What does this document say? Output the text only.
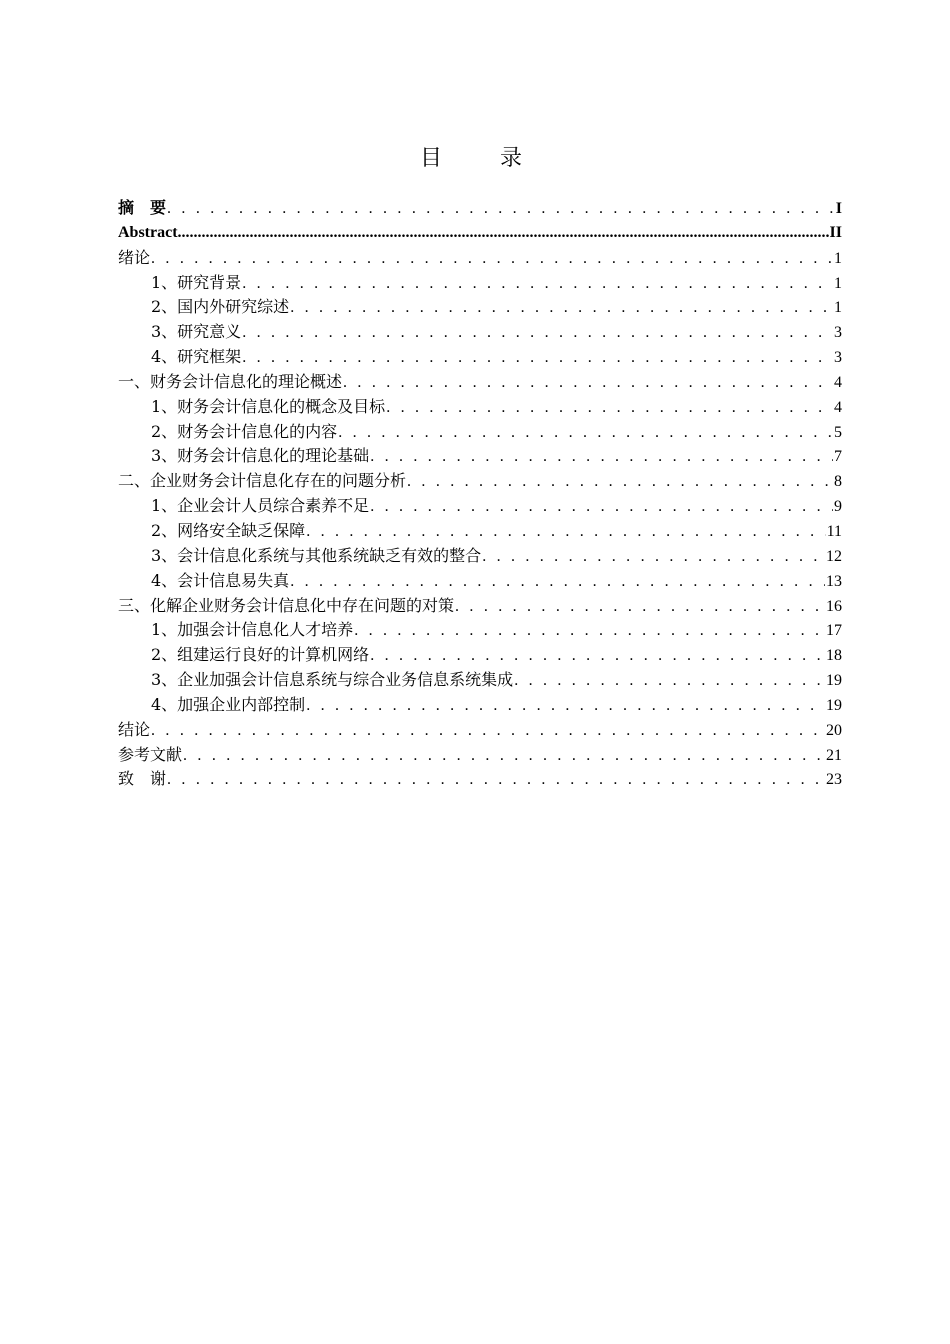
目　录
摘　要 . . .	I
Abstract .....	II
绪论 . . .	1
1、研究背景 . . .	1
2、国内外研究综述 . . .	1
3、研究意义 . . .	3
4、研究框架 . . .	3
一、财务会计信息化的理论概述 . . .	4
1、财务会计信息化的概念及目标 . . .	4
2、财务会计信息化的内容 . . .	5
3、财务会计信息化的理论基础 . . .	7
二、企业财务会计信息化存在的问题分析 . . .	8
1、企业会计人员综合素养不足 . . .	9
2、网络安全缺乏保障 . . .	11
3、会计信息化系统与其他系统缺乏有效的整合 . . .	12
4、会计信息易失真 . . .	13
三、化解企业财务会计信息化中存在问题的对策 . . .	16
1、加强会计信息化人才培养 . . .	17
2、组建运行良好的计算机网络 . . .	18
3、企业加强会计信息系统与综合业务信息系统集成 . . .	19
4、加强企业内部控制 . . .	19
结论 . . .	20
参考文献 . . .	21
致　谢 . . .	23
